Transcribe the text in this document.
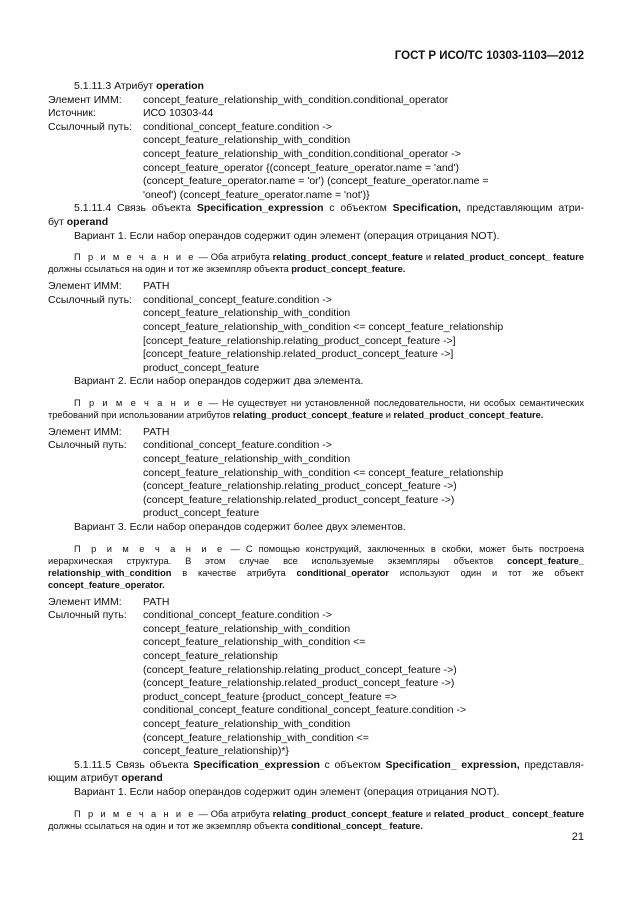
ГОСТ Р ИСО/ТС 10303-1103—2012

5.1.11.3 Атрибут operation

Элемент ИММ:	concept_feature_relationship_with_condition.conditional_operator
Источник:	ИСО 10303-44
Ссылочный путь:	conditional_concept_feature.condition ->
concept_feature_relationship_with_condition
concept_feature_relationship_with_condition.conditional_operator ->
concept_feature_operator {(concept_feature_operator.name = 'and')
(concept_feature_operator.name = 'or') (concept_feature_operator.name =
'oneof') (concept_feature_operator.name = 'not')}

5.1.11.4 Связь объекта Specification_expression с объектом Specification, представляющим атри-

бут operand

Вариант 1. Если набор операндов содержит один элемент (операция отрицания NOT).

П р и м е ч а н и е — Оба атрибута relating_product_concept_feature и related_product_concept_ feature должны ссылаться на один и тот же экземпляр объекта product_concept_feature.

Элемент ИММ:	PATH
Ссылочный путь:	conditional_concept_feature.condition ->
concept_feature_relationship_with_condition
concept_feature_relationship_with_condition <= concept_feature_relationship
[concept_feature_relationship.relating_product_concept_feature ->]
[concept_feature_relationship.related_product_concept_feature ->]
product_concept_feature

Вариант 2. Если набор операндов содержит два элемента.

П р и м е ч а н и е — Не существует ни установленной последовательности, ни особых семантических требований при использовании атрибутов relating_product_concept_feature и related_product_concept_feature.

Элемент ИММ:	PATH
Сылочный путь:	conditional_concept_feature.condition ->
concept_feature_relationship_with_condition
concept_feature_relationship_with_condition <= concept_feature_relationship
(concept_feature_relationship.relating_product_concept_feature ->)
(concept_feature_relationship.related_product_concept_feature ->)
product_concept_feature

Вариант 3. Если набор операндов содержит более двух элементов.

П р и м е ч а н и е — С помощью конструкций, заключенных в скобки, может быть построена иерархическая структура. В этом случае все используемые экземпляры объектов concept_feature_ relationship_with_condition в качестве атрибута conditional_operator используют один и тот же объект concept_feature_operator.

Элемент ИММ:	PATH
Сылочный путь:	conditional_concept_feature.condition ->
concept_feature_relationship_with_condition
concept_feature_relationship_with_condition <=
concept_feature_relationship
(concept_feature_relationship.relating_product_concept_feature ->)
(concept_feature_relationship.related_product_concept_feature ->)
product_concept_feature {product_concept_feature =>
conditional_concept_feature conditional_concept_feature.condition ->
concept_feature_relationship_with_condition
(concept_feature_relationship_with_condition <=
concept_feature_relationship)*}

5.1.11.5 Связь объекта Specification_expression с объектом Specification_ expression, представля-

ющим атрибут operand

Вариант 1. Если набор операндов содержит один элемент (операция отрицания NOT).

П р и м е ч а н и е — Оба атрибута relating_product_concept_feature и related_product_ concept_feature должны ссылаться на один и тот же экземпляр объекта conditional_concept_ feature.

21
